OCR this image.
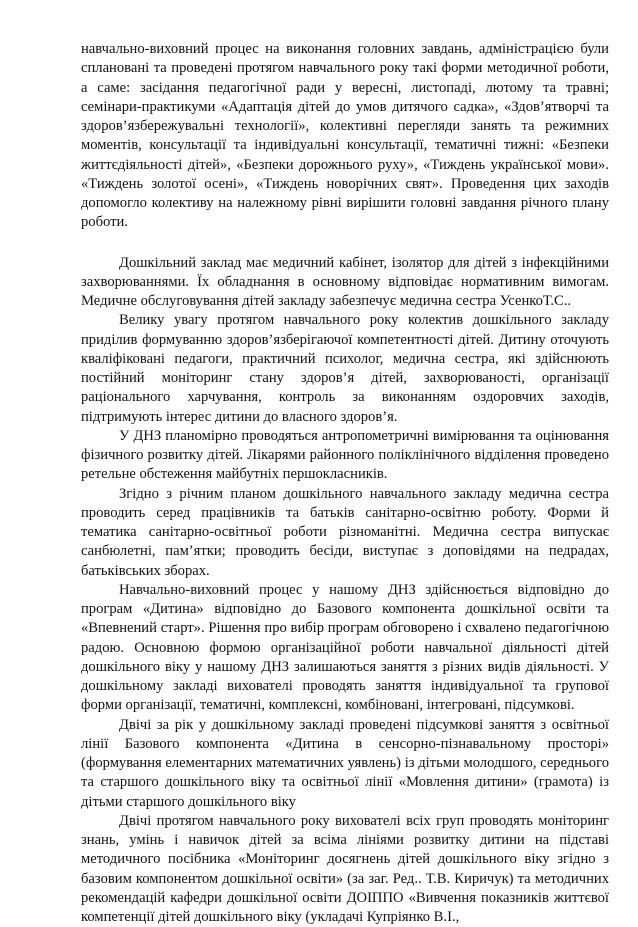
навчально-виховний процес на виконання головних завдань, адміністрацією були сплановані та проведені протягом навчального року такі форми методичної роботи, а саме: засідання педагогічної ради у вересні, листопаді, лютому та травні; семінари-практикуми «Адаптація дітей до умов дитячого садка», «Здов’ятворчі та здоров’язбережувальні технології», колективні перегляди занять та режимних моментів, консультації та індивідуальні консультації, тематичні тижні: «Безпеки життєдіяльності дітей», «Безпеки дорожнього руху», «Тиждень української мови». «Тиждень золотої осені», «Тиждень новорічних свят». Проведення цих заходів допомогло колективу на належному рівні вирішити головні завдання річного плану роботи.

Дошкільний заклад має медичний кабінет, ізолятор для дітей з інфекційними захворюваннями. Їх обладнання в основному відповідає нормативним вимогам. Медичне обслуговування дітей закладу забезпечує медична сестра УсенкоТ.С..

Велику увагу протягом навчального року колектив дошкільного закладу приділив формуванню здоров’язберігаючої компетентності дітей. Дитину оточують кваліфіковані педагоги, практичний психолог, медична сестра, які здійснюють постійний моніторинг стану здоров’я дітей, захворюваності, організації раціонального харчування, контроль за виконанням оздоровчих заходів, підтримують інтерес дитини до власного здоров’я.

У ДНЗ планомірно проводяться антропометричні вимірювання та оцінювання фізичного розвитку дітей. Лікарями районного поліклінічного відділення проведено ретельне обстеження майбутніх першокласників.

Згідно з річним планом дошкільного навчального закладу медична сестра проводить серед працівників та батьків санітарно-освітню роботу. Форми й тематика санітарно-освітньої роботи різноманітні. Медична сестра випускає санбюлетні, пам’ятки; проводить бесіди, виступає з доповідями на педрадах, батьківських зборах.

Навчально-виховний процес у нашому ДНЗ здійснюється відповідно до програм «Дитина» відповідно до Базового компонента дошкільної освіти та «Впевнений старт». Рішення про вибір програм обговорено і схвалено педагогічною радою. Основною формою організаційної роботи навчальної діяльності дітей дошкільного віку у нашому ДНЗ залишаються заняття з різних видів діяльності. У дошкільному закладі вихователі проводять заняття індивідуальної та групової форми організації, тематичні, комплексні, комбіновані, інтегровані, підсумкові.

Двічі за рік у дошкільному закладі проведені підсумкові заняття з освітньої лінії Базового компонента «Дитина в сенсорно-пізнавальному просторі» (формування елементарних математичних уявлень) із дітьми молодшого, середнього та старшого дошкільного віку та освітньої лінії «Мовлення дитини» (грамота) із дітьми старшого дошкільного віку

Двічі протягом навчального року вихователі всіх груп проводять моніторинг знань, умінь і навичок дітей за всіма лініями розвитку дитини на підставі методичного посібника «Моніторинг досягнень дітей дошкільного віку згідно з базовим компонентом дошкільної освіти» (за заг. Ред.. Т.В. Киричук) та методичних рекомендацій кафедри дошкільної освіти ДОІППО «Вивчення показників життєвої компетенції дітей дошкільного віку (укладачі Купріянко В.І.,
